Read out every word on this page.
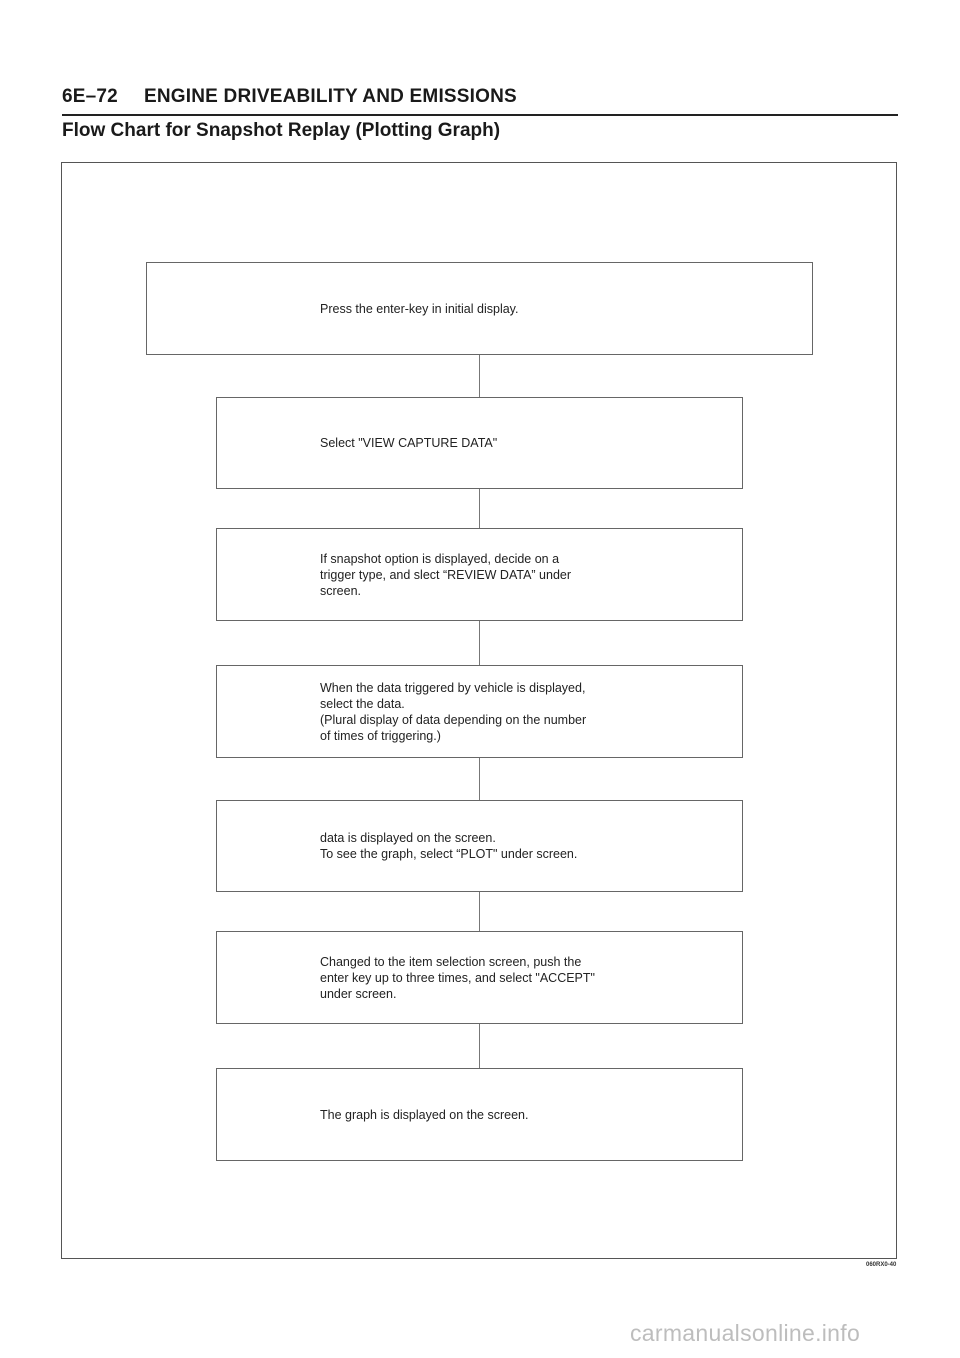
6E–72 ENGINE DRIVEABILITY AND EMISSIONS
Flow Chart for Snapshot Replay (Plotting Graph)
Press the enter-key in initial display.
Select "VIEW CAPTURE DATA"
If snapshot option is displayed, decide on a
trigger type, and slect “REVIEW DATA” under
screen.
When the data triggered by vehicle is displayed,
select the data.
(Plural display of data depending on the number
of times of triggering.)
data is displayed on the screen.
To see the graph, select “PLOT" under screen.
Changed to the item selection screen, push the
enter key up to three times, and select "ACCEPT"
under screen.
The graph is displayed on the screen.
060RX0-40
carmanualsonline.info
